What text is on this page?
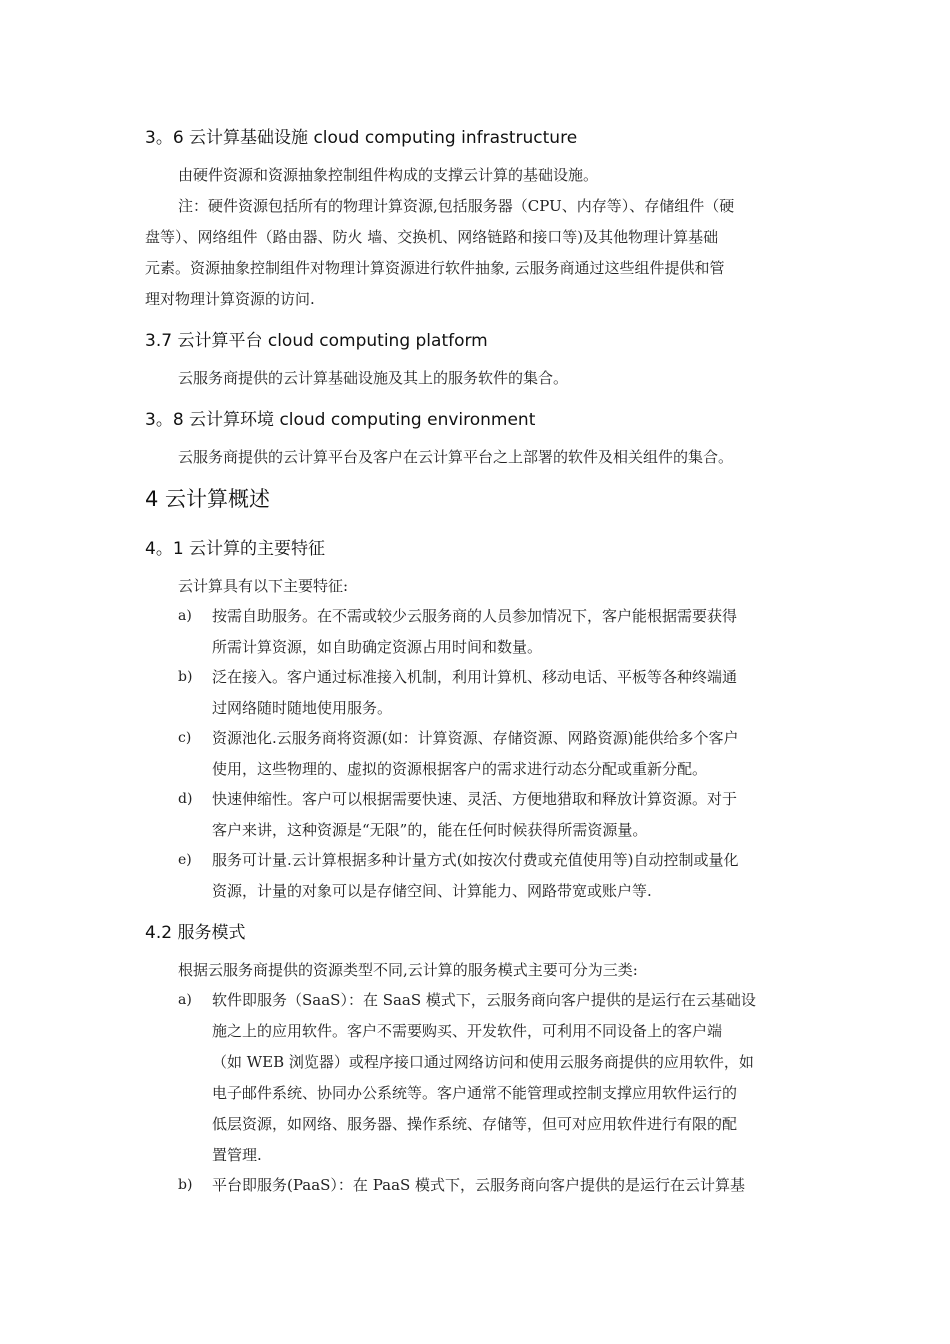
3。6 云计算基础设施 cloud computing infrastructure
由硬件资源和资源抽象控制组件构成的支撑云计算的基础设施。
注：硬件资源包括所有的物理计算资源,包括服务器（CPU、内存等）、存储组件（硬
盘等）、网络组件（路由器、防火 墙、交换机、网络链路和接口等)及其他物理计算基础
元素。资源抽象控制组件对物理计算资源进行软件抽象, 云服务商通过这些组件提供和管
理对物理计算资源的访问.
3.7 云计算平台 cloud computing platform
云服务商提供的云计算基础设施及其上的服务软件的集合。
3。8 云计算环境 cloud computing environment
云服务商提供的云计算平台及客户在云计算平台之上部署的软件及相关组件的集合。
4 云计算概述
4。1 云计算的主要特征
云计算具有以下主要特征:
a) 按需自助服务。在不需或较少云服务商的人员参加情况下，客户能根据需要获得
所需计算资源，如自助确定资源占用时间和数量。
b) 泛在接入。客户通过标准接入机制，利用计算机、移动电话、平板等各种终端通
过网络随时随地使用服务。
c) 资源池化.云服务商将资源(如：计算资源、存储资源、网路资源)能供给多个客户
使用，这些物理的、虚拟的资源根据客户的需求进行动态分配或重新分配。
d) 快速伸缩性。客户可以根据需要快速、灵活、方便地猎取和释放计算资源。对于
客户来讲，这种资源是“无限”的，能在任何时候获得所需资源量。
e) 服务可计量.云计算根据多种计量方式(如按次付费或充值使用等)自动控制或量化
资源，计量的对象可以是存储空间、计算能力、网路带宽或账户等.
4.2 服务模式
根据云服务商提供的资源类型不同,云计算的服务模式主要可分为三类:
a) 软件即服务（SaaS）：在 SaaS 模式下，云服务商向客户提供的是运行在云基础设
施之上的应用软件。客户不需要购买、开发软件，可利用不同设备上的客户端
（如 WEB 浏览器）或程序接口通过网络访问和使用云服务商提供的应用软件，如
电子邮件系统、协同办公系统等。客户通常不能管理或控制支撑应用软件运行的
低层资源，如网络、服务器、操作系统、存储等，但可对应用软件进行有限的配
置管理.
b) 平台即服务(PaaS）：在 PaaS 模式下，云服务商向客户提供的是运行在云计算基
